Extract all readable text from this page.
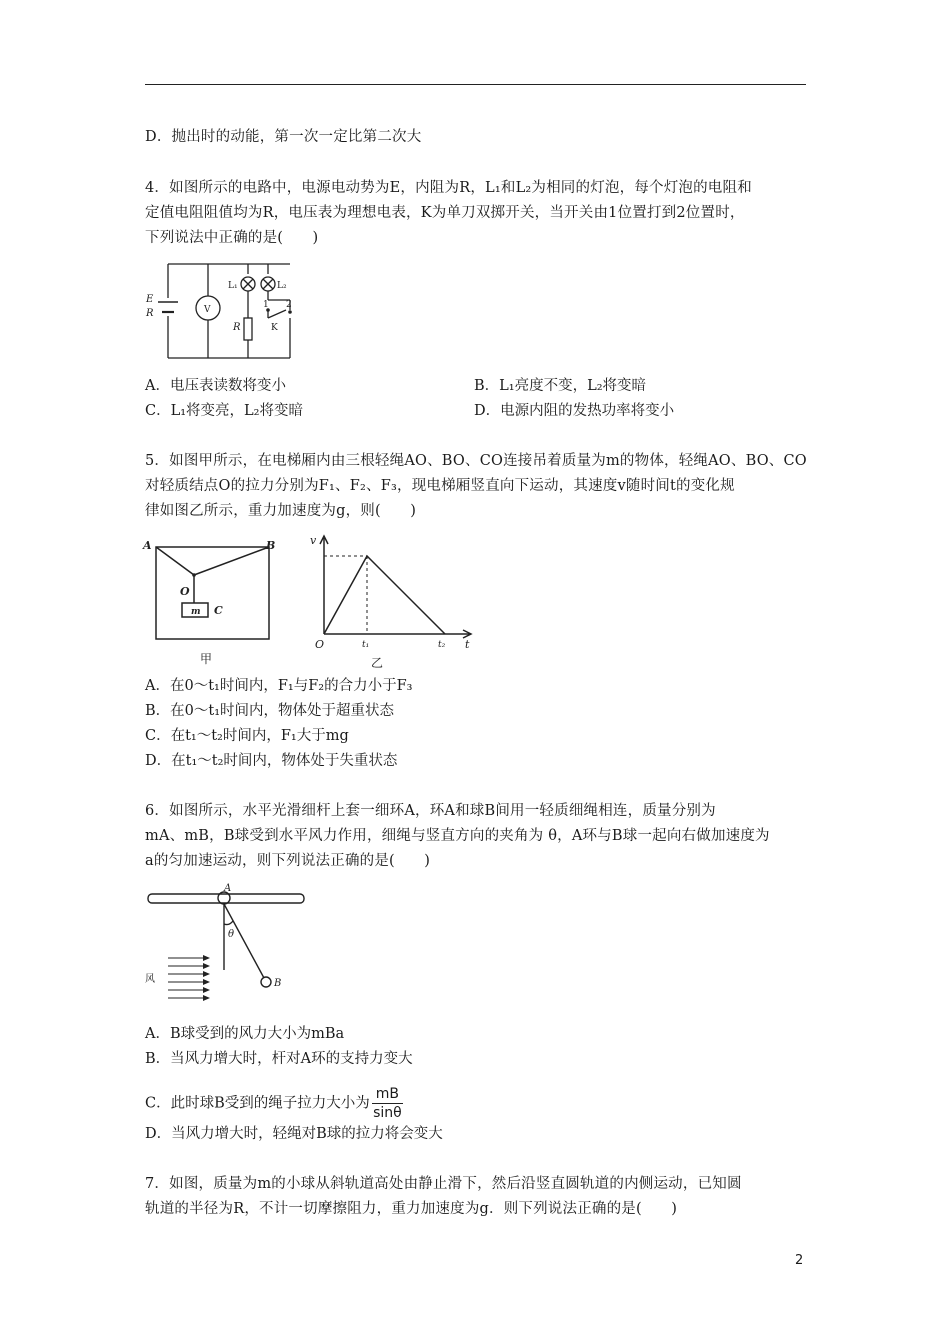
D．抛出时的动能，第一次一定比第二次大
4．如图所示的电路中，电源电动势为E，内阻为R，L₁和L₂为相同的灯泡，每个灯泡的电阻和
定值电阻阻值均为R，电压表为理想电表，K为单刀双掷开关，当开关由1位置打到2位置时，
下列说法中正确的是(　　)
E
R
R
V
L₁	L₂
1 2
K
A．电压表读数将变小	B．L₁亮度不变，L₂将变暗
C．L₁将变亮，L₂将变暗	D．电源内阻的发热功率将变小
5．如图甲所示，在电梯厢内由三根轻绳AO、BO、CO连接吊着质量为m的物体，轻绳AO、BO、CO
对轻质结点O的拉力分别为F₁、F₂、F₃，现电梯厢竖直向下运动，其速度v随时间t的变化规
律如图乙所示，重力加速度为g，则(　　)
A	B
O
m C
甲
v
O	t₁	t₂ t
乙
A．在0～t₁时间内，F₁与F₂的合力小于F₃
B．在0～t₁时间内，物体处于超重状态
C．在t₁～t₂时间内，F₁大于mg
D．在t₁～t₂时间内，物体处于失重状态
6．如图所示，水平光滑细杆上套一细环A，环A和球B间用一轻质细绳相连，质量分别为
mA、mB，B球受到水平风力作用，细绳与竖直方向的夹角为 θ，A环与B球一起向右做加速度为
a的匀加速运动，则下列说法正确的是(　　)
A
θ
B
风
A．B球受到的风力大小为mBa
B．当风力增大时，杆对A环的支持力变大
C．此时球B受到的绳子拉力大小为 $\frac{mB}{\sin\theta}$
D．当风力增大时，轻绳对B球的拉力将会变大
7．如图，质量为m的小球从斜轨道高处由静止滑下，然后沿竖直圆轨道的内侧运动，已知圆
轨道的半径为R，不计一切摩擦阻力，重力加速度为g．则下列说法正确的是(　　)
2
